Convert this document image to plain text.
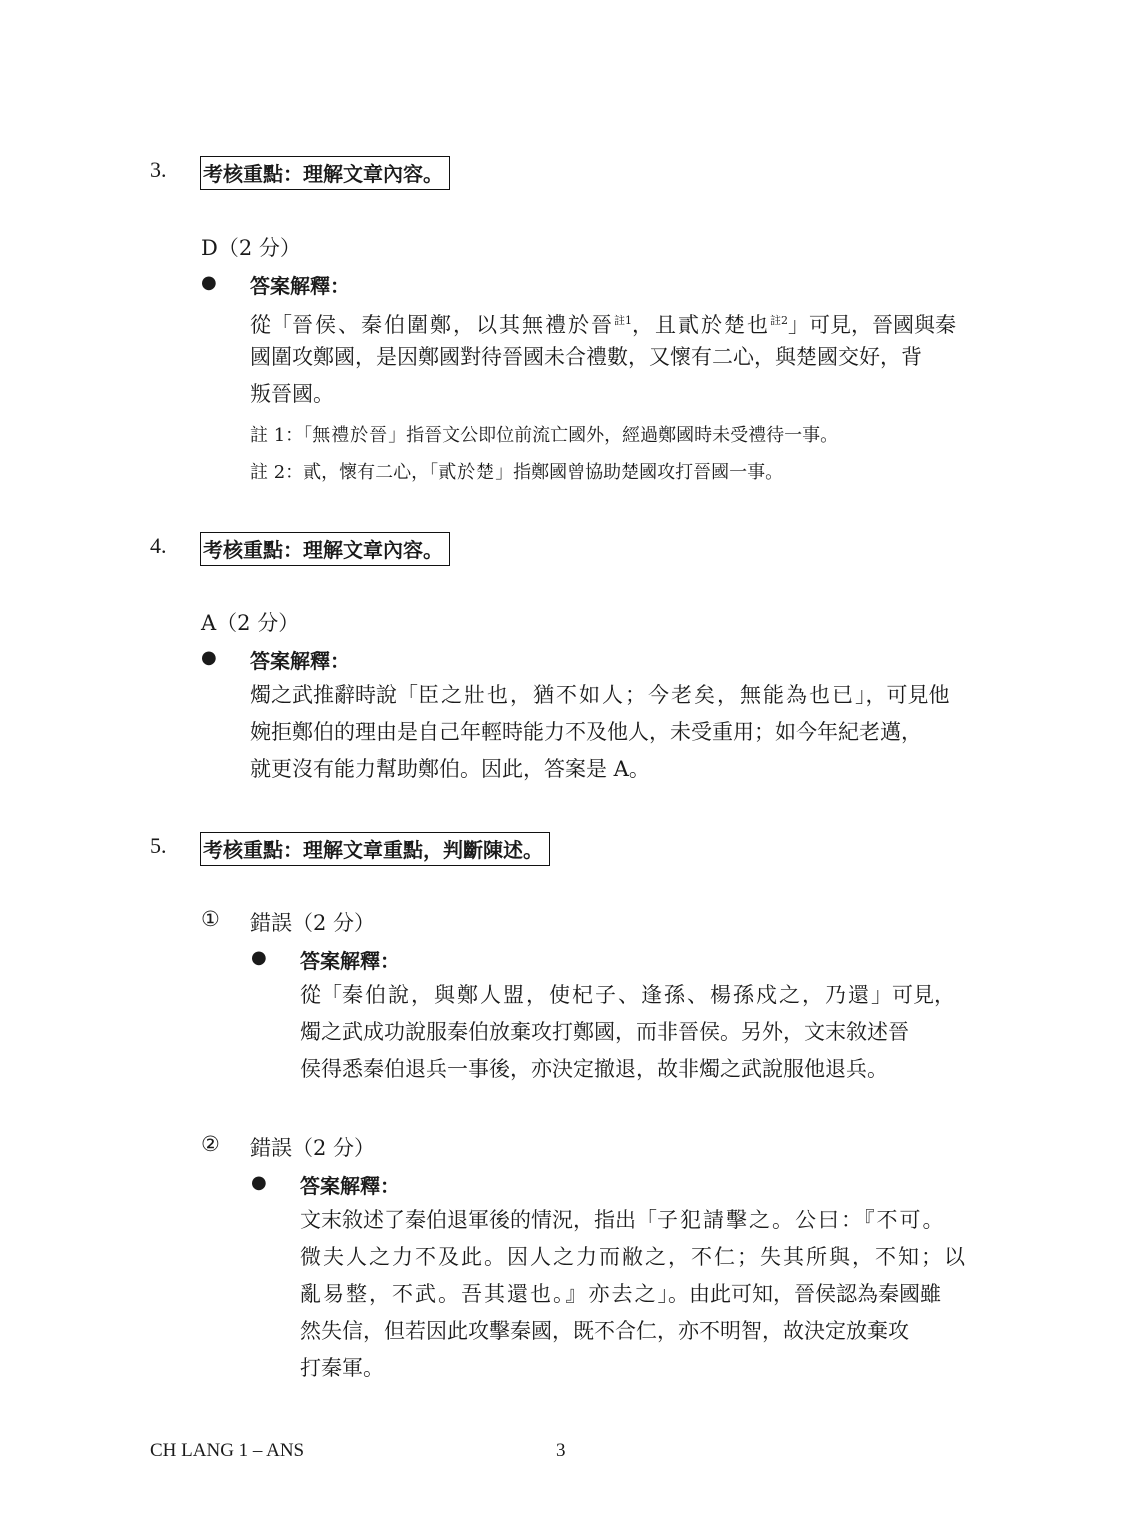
3. 考核重點：理解文章內容。
D（2 分）
● 答案解釋：
從「晉侯、秦伯圍鄭，以其無禮於晉$^{註1}$，且貳於楚也$^{註2}$」可見，晉國與秦
國圍攻鄭國，是因鄭國對待晉國未合禮數，又懷有二心，與楚國交好，背
叛晉國。
註 1：「無禮於晉」指晉文公即位前流亡國外，經過鄭國時未受禮待一事。
註 2：貳，懷有二心，「貳於楚」指鄭國曾協助楚國攻打晉國一事。
4. 考核重點：理解文章內容。
A（2 分）
● 答案解釋：
燭之武推辭時說「臣之壯也，猶不如人；今老矣，無能為也已」，可見他
婉拒鄭伯的理由是自己年輕時能力不及他人，未受重用；如今年紀老邁，
就更沒有能力幫助鄭伯。因此，答案是 A。
5. 考核重點：理解文章重點，判斷陳述。
① 錯誤（2 分）
● 答案解釋：
從「秦伯說，與鄭人盟，使杞子、逢孫、楊孫戍之，乃還」可見，
燭之武成功說服秦伯放棄攻打鄭國，而非晉侯。另外，文末敘述晉
侯得悉秦伯退兵一事後，亦決定撤退，故非燭之武說服他退兵。
② 錯誤（2 分）
● 答案解釋：
文末敘述了秦伯退軍後的情況，指出「子犯請擊之。公曰：『不可。
微夫人之力不及此。因人之力而敝之，不仁；失其所與，不知；以
亂易整，不武。吾其還也。』亦去之」。由此可知，晉侯認為秦國雖
然失信，但若因此攻擊秦國，既不合仁，亦不明智，故決定放棄攻
打秦軍。
CH LANG 1 – ANS	3
